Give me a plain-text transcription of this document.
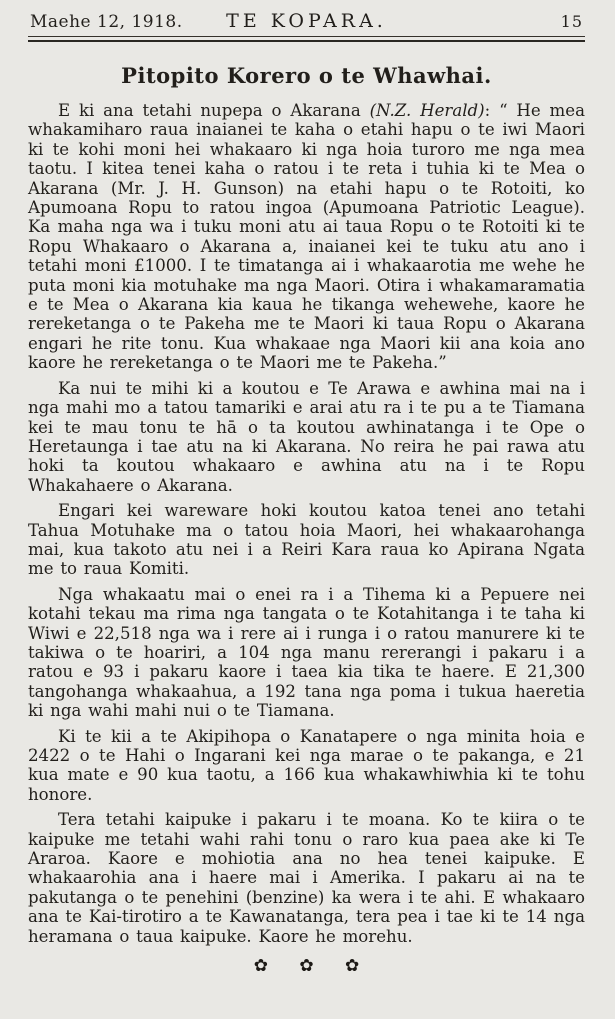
Maehe 12, 1918.	TE KOPARA.	15
Pitopito Korero o te Whawhai.

E ki ana tetahi nupepa o Akarana (N.Z. Herald): “ He mea whakamiharo raua inaianei te kaha o etahi hapu o te iwi Maori ki te kohi moni hei whakaaro ki nga hoia turoro me nga mea taotu. I kitea tenei kaha o ratou i te reta i tuhia ki te Mea o Akarana (Mr. J. H. Gunson) na etahi hapu o te Rotoiti, ko Apumoana Ropu to ratou ingoa (Apumoana Patriotic League). Ka maha nga wa i tuku moni atu ai taua Ropu o te Rotoiti ki te Ropu Whakaaro o Akarana a, inaianei kei te tuku atu ano i tetahi moni £1000. I te timatanga ai i whakaarotia me wehe he puta moni kia motuhake ma nga Maori. Otira i whakamaramatia e te Mea o Akarana kia kaua he tikanga wehewehe, kaore he rereketanga o te Pakeha me te Maori ki taua Ropu o Akarana engari he rite tonu. Kua whakaae nga Maori kii ana koia ano kaore he rereketanga o te Maori me te Pakeha.”

Ka nui te mihi ki a koutou e Te Arawa e awhina mai na i nga mahi mo a tatou tamariki e arai atu ra i te pu a te Tiamana kei te mau tonu te hā o ta koutou awhinatanga i te Ope o Heretaunga i tae atu na ki Akarana. No reira he pai rawa atu hoki ta koutou whakaaro e awhina atu na i te Ropu Whakahaere o Akarana.

Engari kei wareware hoki koutou katoa tenei ano tetahi Tahua Motuhake ma o tatou hoia Maori, hei whakaarohanga mai, kua takoto atu nei i a Reiri Kara raua ko Apirana Ngata me to raua Komiti.

Nga whakaatu mai o enei ra i a Tihema ki a Pepuere nei kotahi tekau ma rima nga tangata o te Kotahitanga i te taha ki Wiwi e 22,518 nga wa i rere ai i runga i o ratou manurere ki te takiwa o te hoariri, a 104 nga manu rererangi i pakaru i a ratou e 93 i pakaru kaore i taea kia tika te haere. E 21,300 tangohanga whakaahua, a 192 tana nga poma i tukua haeretia ki nga wahi mahi nui o te Tiamana.

Ki te kii a te Akipihopa o Kanatapere o nga minita hoia e 2422 o te Hahi o Ingarani kei nga marae o te pakanga, e 21 kua mate e 90 kua taotu, a 166 kua whakawhiwhia ki te tohu honore.

Tera tetahi kaipuke i pakaru i te moana. Ko te kiira o te kaipuke me tetahi wahi rahi tonu o raro kua paea ake ki Te Araroa. Kaore e mohiotia ana no hea tenei kaipuke. E whakaarohia ana i haere mai i Amerika. I pakaru ai na te pakutanga o te penehini (benzine) ka wera i te ahi. E whakaaro ana te Kai-tirotiro a te Kawanatanga, tera pea i tae ki te 14 nga heramana o taua kaipuke. Kaore he morehu.

✿ ✿ ✿
